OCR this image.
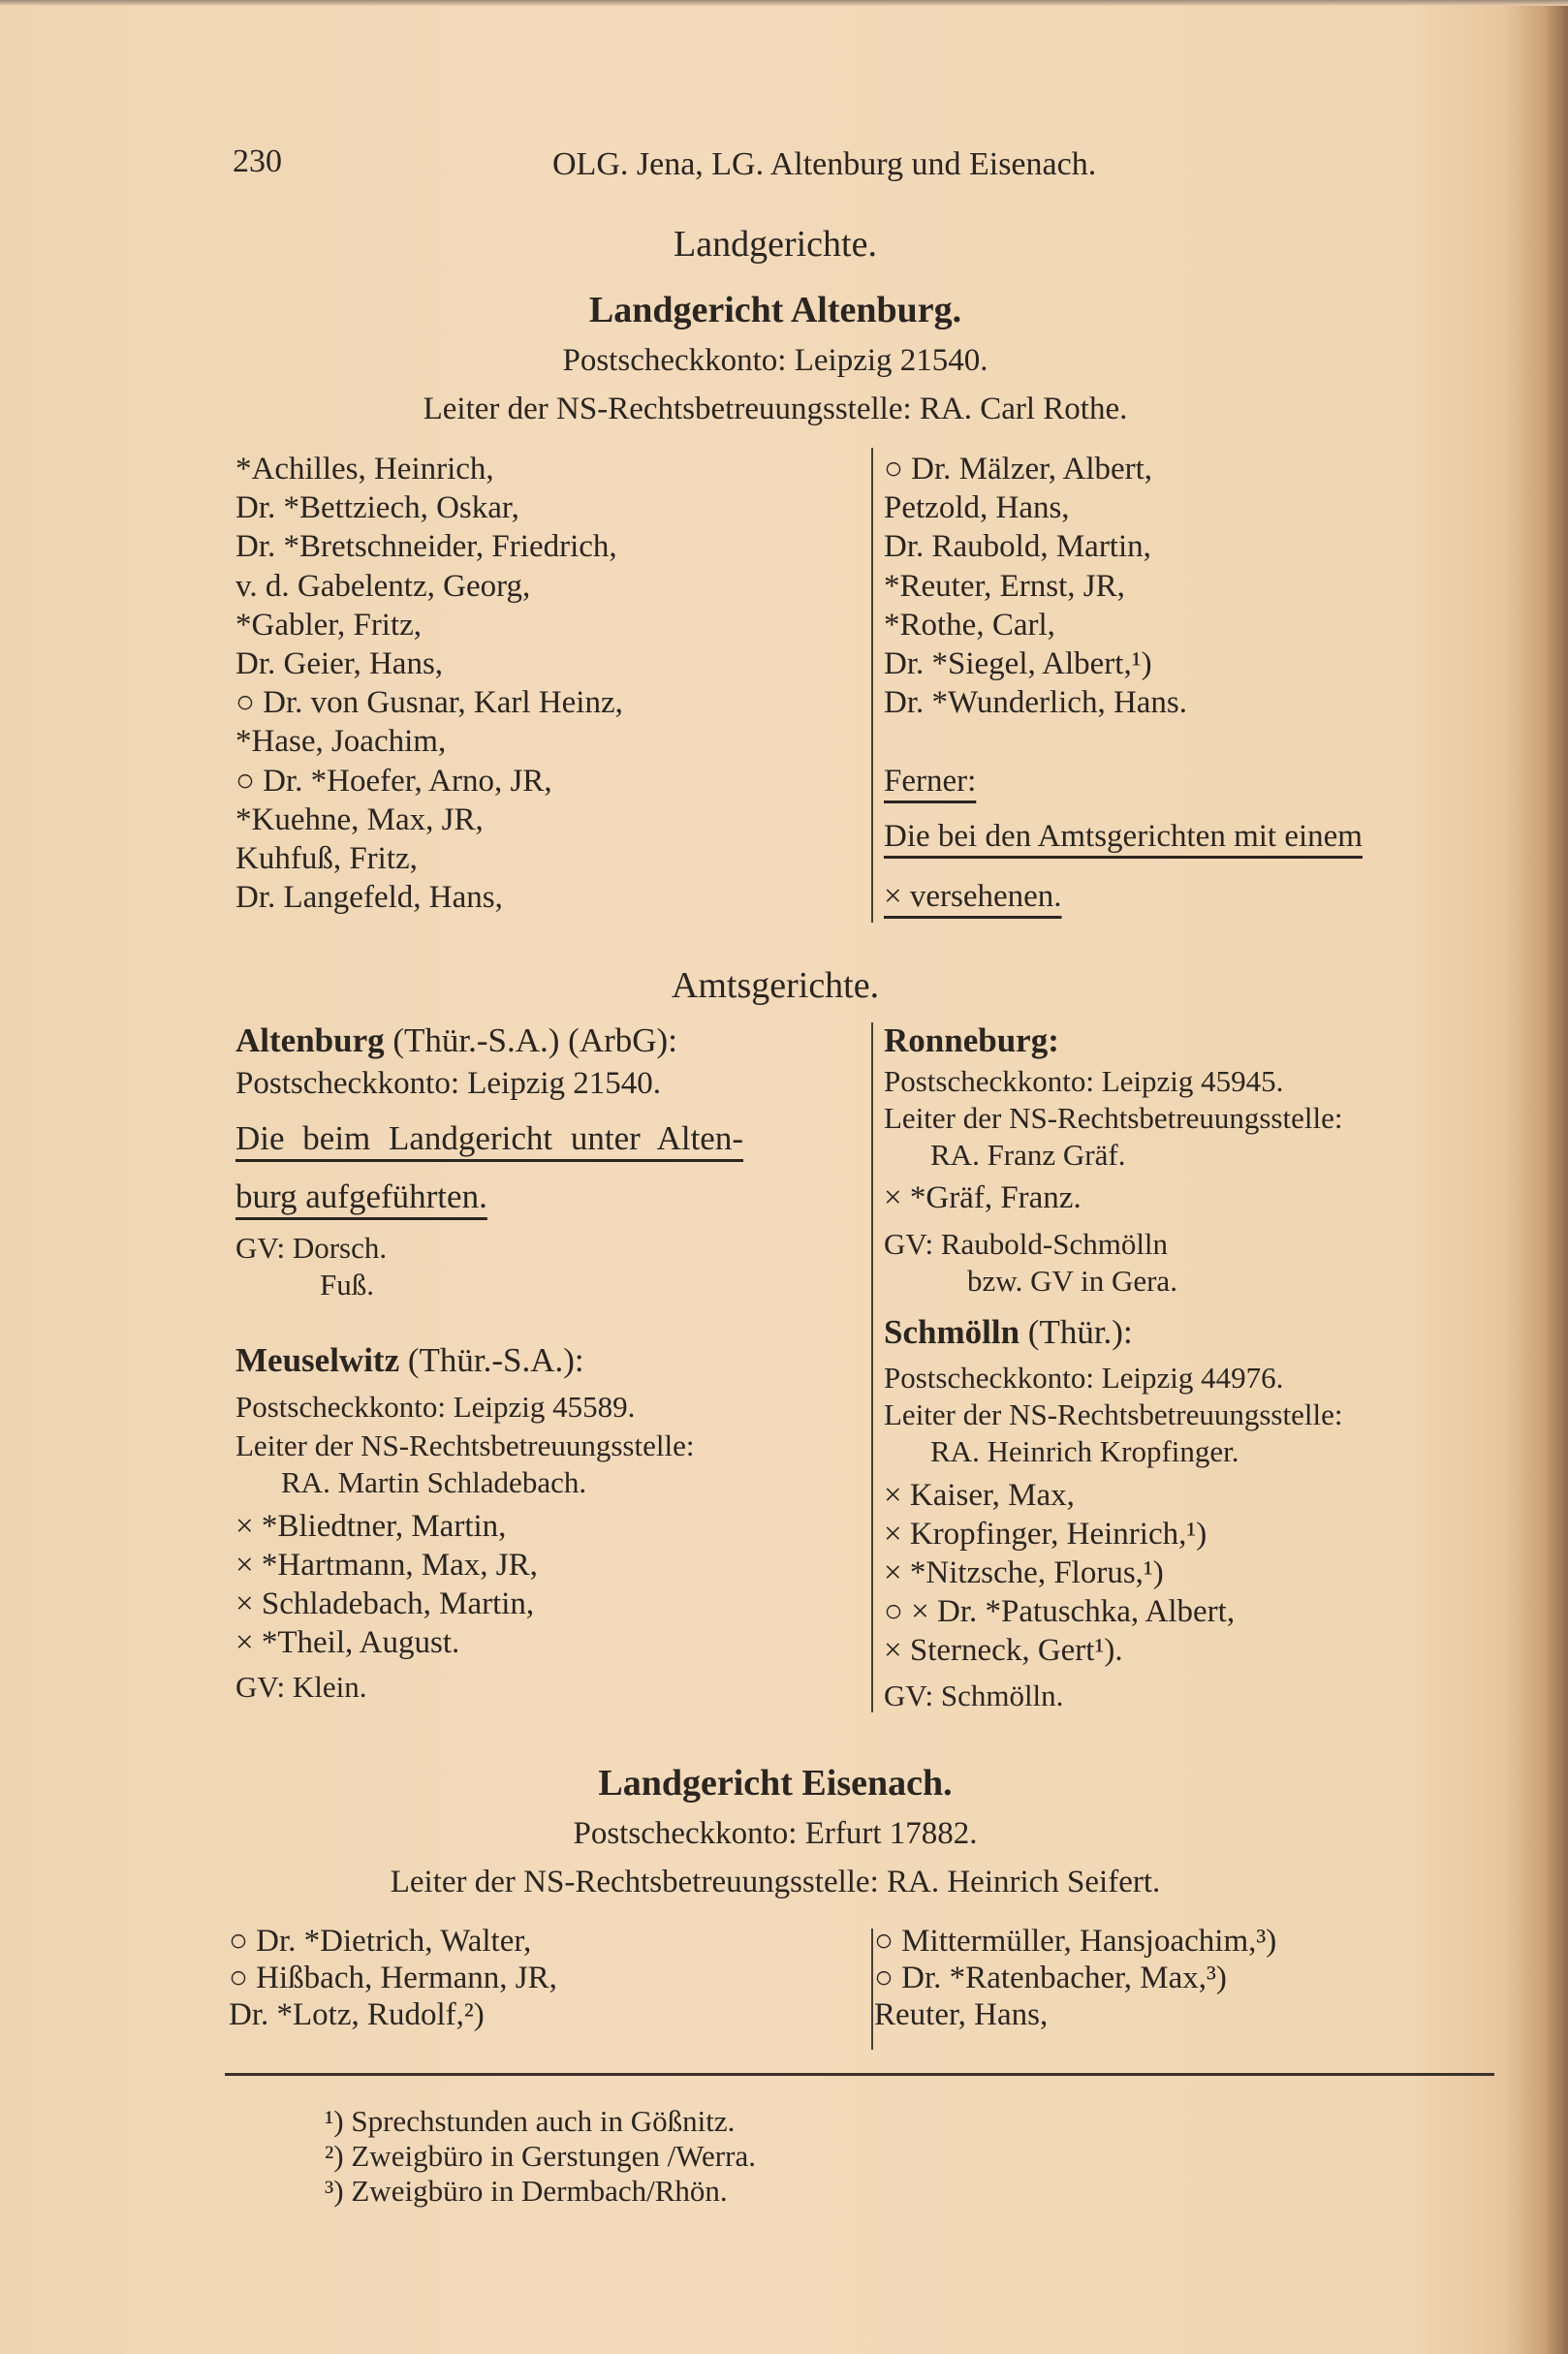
230	OLG. Jena, LG. Altenburg und Eisenach.
Landgerichte.
Landgericht Altenburg.
Postscheckkonto: Leipzig 21540.
Leiter der NS-Rechtsbetreuungsstelle: RA. Carl Rothe.
*Achilles, Heinrich,
Dr. *Bettziech, Oskar,
Dr. *Bretschneider, Friedrich,
v. d. Gabelentz, Georg,
*Gabler, Fritz,
Dr. Geier, Hans,
○ Dr. von Gusnar, Karl Heinz,
*Hase, Joachim,
○ Dr. *Hoefer, Arno, JR,
*Kuehne, Max, JR,
Kuhfuß, Fritz,
Dr. Langefeld, Hans,
○ Dr. Mälzer, Albert,
Petzold, Hans,
Dr. Raubold, Martin,
*Reuter, Ernst, JR,
*Rothe, Carl,
Dr. *Siegel, Albert,¹)
Dr. *Wunderlich, Hans.
Ferner:
Die bei den Amtsgerichten mit einem
× versehenen.
Amtsgerichte.
Altenburg (Thür.-S.A.) (ArbG):
Postscheckkonto: Leipzig 21540.
Die beim Landgericht unter Alten-
burg aufgeführten.
GV: Dorsch.
Fuß.
Meuselwitz (Thür.-S.A.):
Postscheckkonto: Leipzig 45589.
Leiter der NS-Rechtsbetreuungsstelle:
RA. Martin Schladebach.
× *Bliedtner, Martin,
× *Hartmann, Max, JR,
× Schladebach, Martin,
× *Theil, August.
GV: Klein.
Ronneburg:
Postscheckkonto: Leipzig 45945.
Leiter der NS-Rechtsbetreuungsstelle:
RA. Franz Gräf.
× *Gräf, Franz.
GV: Raubold-Schmölln
bzw. GV in Gera.
Schmölln (Thür.):
Postscheckkonto: Leipzig 44976.
Leiter der NS-Rechtsbetreuungsstelle:
RA. Heinrich Kropfinger.
× Kaiser, Max,
× Kropfinger, Heinrich,¹)
× *Nitzsche, Florus,¹)
○ × Dr. *Patuschka, Albert,
× Sterneck, Gert¹).
GV: Schmölln.
Landgericht Eisenach.
Postscheckkonto: Erfurt 17882.
Leiter der NS-Rechtsbetreuungsstelle: RA. Heinrich Seifert.
○ Dr. *Dietrich, Walter,
○ Hißbach, Hermann, JR,
Dr. *Lotz, Rudolf,²)
○ Mittermüller, Hansjoachim,³)
○ Dr. *Ratenbacher, Max,³)
Reuter, Hans,
¹) Sprechstunden auch in Gößnitz.
²) Zweigbüro in Gerstungen /Werra.
³) Zweigbüro in Dermbach/Rhön.
